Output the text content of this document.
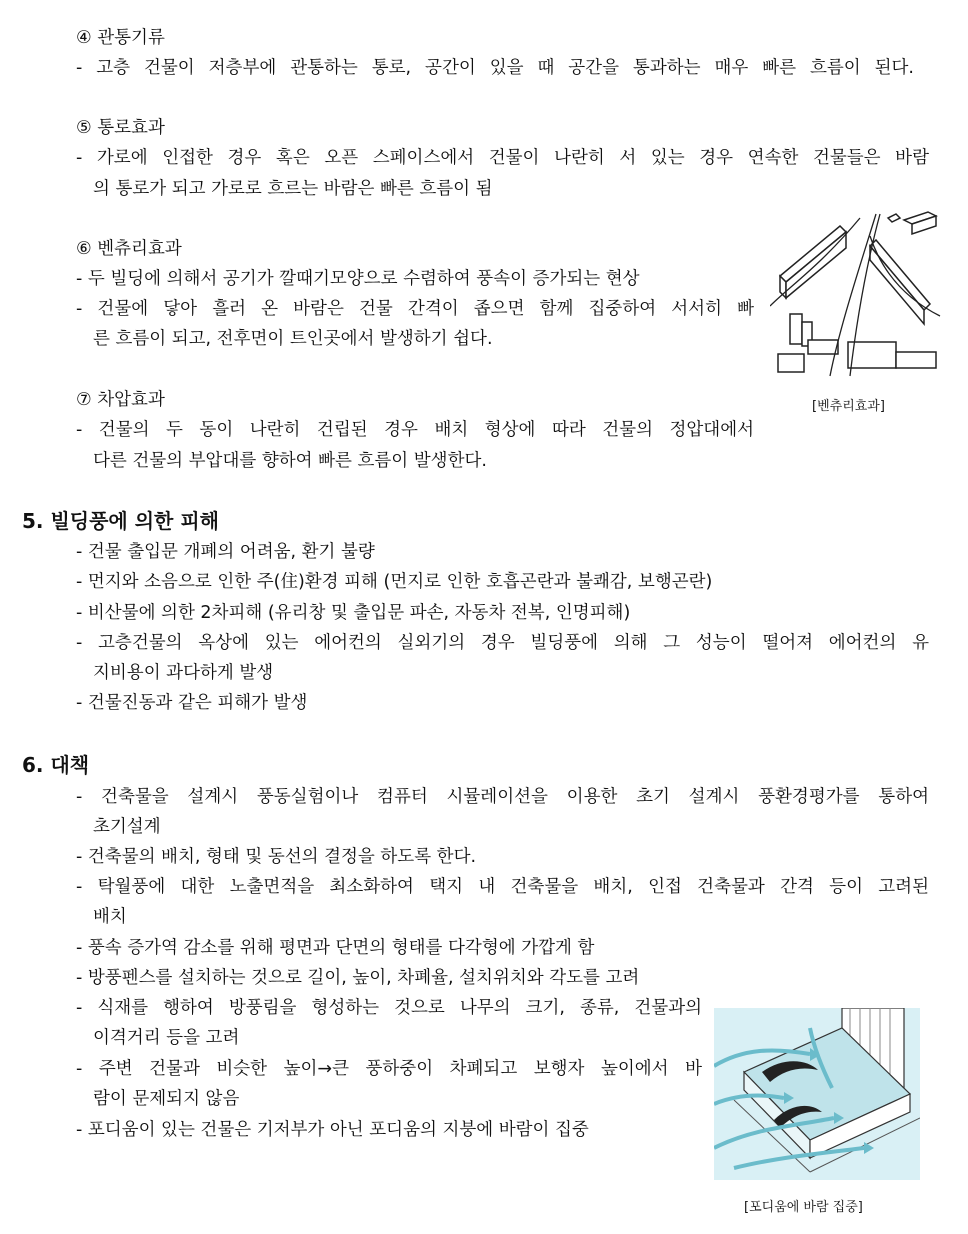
④ 관통기류
- 고층 건물이 저층부에 관통하는 통로, 공간이 있을 때 공간을 통과하는 매우 빠른 흐름이 된다.
⑤ 통로효과
- 가로에 인접한 경우 혹은 오픈 스페이스에서 건물이 나란히 서 있는 경우 연속한 건물들은 바람
의 통로가 되고 가로로 흐르는 바람은 빠른 흐름이 됨
⑥ 벤츄리효과
- 두 빌딩에 의해서 공기가 깔때기모양으로 수렴하여 풍속이 증가되는 현상
- 건물에 닿아 흘러 온 바람은 건물 간격이 좁으면 함께 집중하여 서서히 빠
른 흐름이 되고, 전후면이 트인곳에서 발생하기 쉽다.
⑦ 차압효과
- 건물의 두 동이 나란히 건립된 경우 배치 형상에 따라 건물의 정압대에서
다른 건물의 부압대를 향하여 빠른 흐름이 발생한다.
5. 빌딩풍에 의한 피해
- 건물 출입문 개폐의 어려움, 환기 불량
- 먼지와 소음으로 인한 주(住)환경 피해 (먼지로 인한 호흡곤란과 불쾌감, 보행곤란)
- 비산물에 의한 2차피해 (유리창 및 출입문 파손, 자동차 전복, 인명피해)
- 고층건물의 옥상에 있는 에어컨의 실외기의 경우 빌딩풍에 의해 그 성능이 떨어져 에어컨의 유
지비용이 과다하게 발생
- 건물진동과 같은 피해가 발생
6. 대책
- 건축물을 설계시 풍동실험이나 컴퓨터 시뮬레이션을 이용한 초기 설계시 풍환경평가를 통하여
초기설계
- 건축물의 배치, 형태 및 동선의 결정을 하도록 한다.
- 탁월풍에 대한 노출면적을 최소화하여 택지 내 건축물을 배치, 인접 건축물과 간격 등이 고려된
배치
- 풍속 증가역 감소를 위해 평면과 단면의 형태를 다각형에 가깝게 함
- 방풍펜스를 설치하는 것으로 길이, 높이, 차폐율, 설치위치와 각도를 고려
- 식재를 행하여 방풍림을 형성하는 것으로 나무의 크기, 종류, 건물과의
이격거리 등을 고려
- 주변 건물과 비슷한 높이→큰 풍하중이 차폐되고 보행자 높이에서 바
람이 문제되지 않음
- 포디움이 있는 건물은 기저부가 아닌 포디움의 지붕에 바람이 집중
[벤츄리효과]
[포디움에 바람 집중]
